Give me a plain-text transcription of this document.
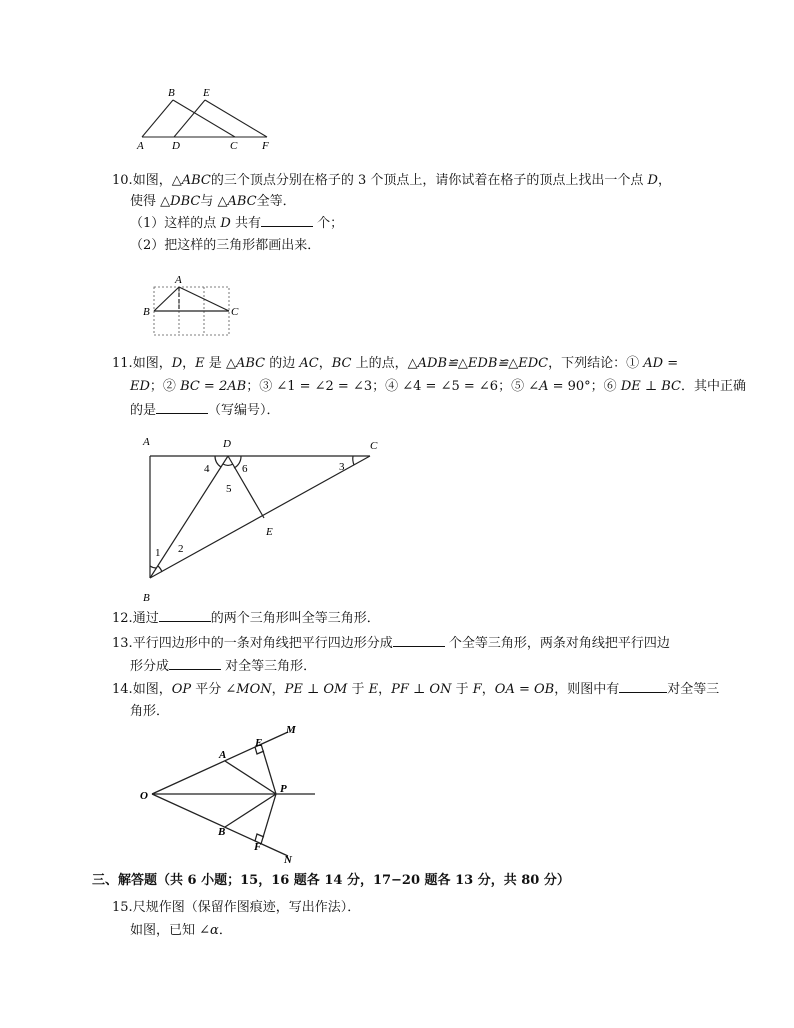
B	E
A	D	C F
10.如图，△ABC的三个顶点分别在格子的 3 个顶点上，请你试着在格子的顶点上找出一个点 D，
使得 △DBC与 △ABC全等．
（1）这样的点 D 共有	个；
（2）把这样的三角形都画出来．
A
B	C
11.如图，D，E 是 △ABC 的边 AC，BC 上的点，△ADB≌△EDB≌△EDC，下列结论：① AD =
ED；② BC = 2AB；③ ∠1 = ∠2 = ∠3；④ ∠4 = ∠5 = ∠6；⑤ ∠A = 90°；⑥ DE ⊥ BC．其中正确
的是	（写编号）．
A	D	C
E
B
4	6
5
3
1 2
12.通过	的两个三角形叫全等三角形．
13.平行四边形中的一条对角线把平行四边形分成	个全等三角形，两条对角线把平行四边
形分成	对全等三角形．
14.如图，OP 平分 ∠MON，PE ⊥ OM 于 E，PF ⊥ ON 于 F，OA = OB，则图中有	对全等三
角形．
M
E
A
O
P
B
F
N
三、解答题（共 6 小题；15，16 题各 14 分，17−20 题各 13 分，共 80 分）
15.尺规作图（保留作图痕迹，写出作法）．
如图，已知 ∠α．
